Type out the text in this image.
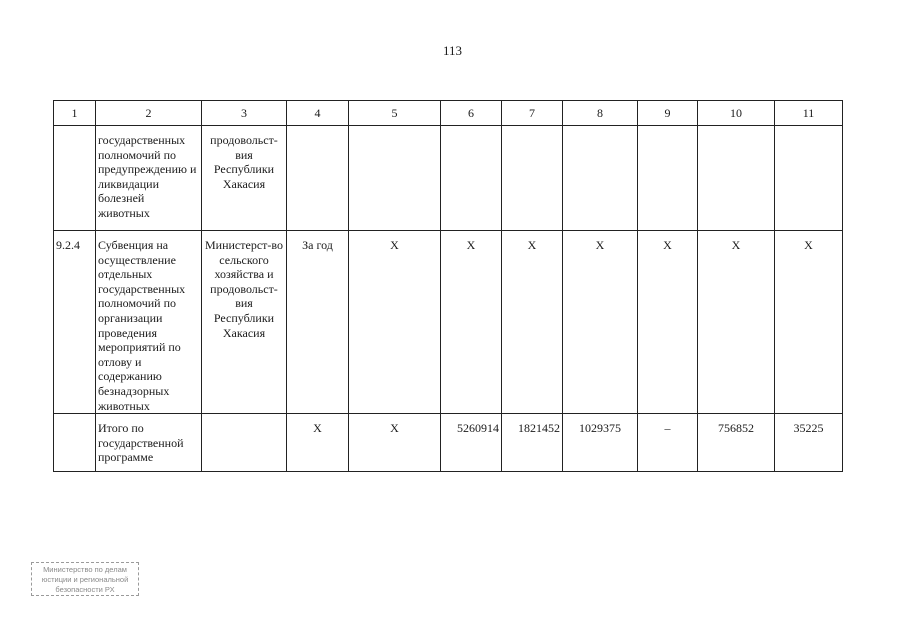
113
1	2	3	4	5	6	7	8	9	10	11
	государственных полномочий по предупреждению и ликвидации болезней животных	продовольст-вия Республики Хакасия								
9.2.4	Субвенция на осуществление отдельных государственных полномочий по организации проведения мероприятий по отлову и содержанию безнадзорных животных	Министерст-во сельского хозяйства и продовольст-вия Республики Хакасия	За год	X	X	X	X	X	X	X
	Итого по государственной программе		X	X	5260914	1821452	1029375	–	756852	35225
Министерство по делам
юстиции и региональной
безопасности РХ
